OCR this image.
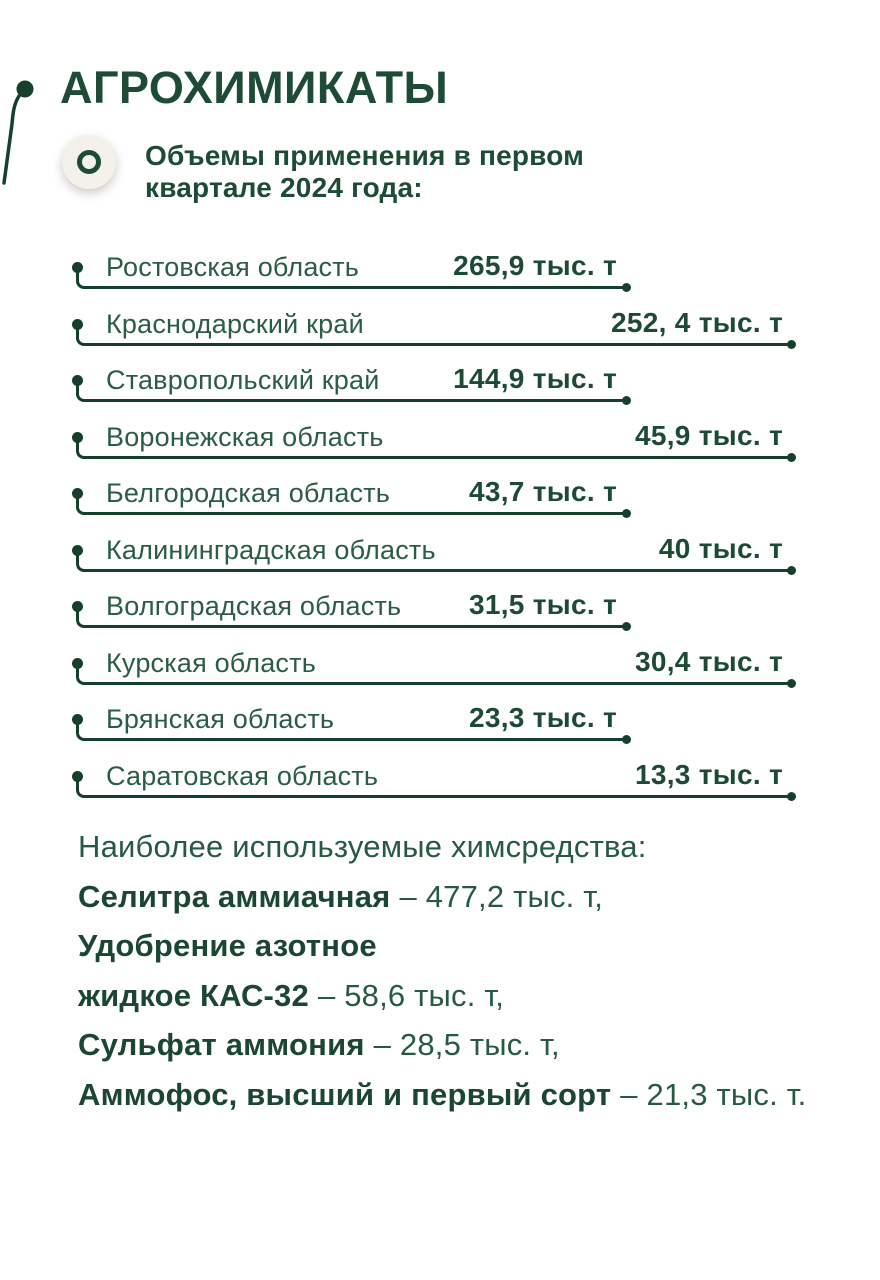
АГРОХИМИКАТЫ
Объемы применения в первом
квартале 2024 года:
Ростовская область	265,9 тыс. т
Краснодарский край	252, 4 тыс. т
Ставропольский край	144,9 тыс. т
Воронежская область	45,9 тыс. т
Белгородская область	43,7 тыс. т
Калининградская область	40 тыс. т
Волгоградская область 31,5 тыс. т
Курская область	30,4 тыс. т
Брянская область	23,3 тыс. т
Саратовская область	13,3 тыс. т
Наиболее используемые химсредства:
Селитра аммиачная – 477,2 тыс. т,
Удобрение азотное
жидкое КАС-32 – 58,6 тыс. т,
Сульфат аммония – 28,5 тыс. т,
Аммофос, высший и первый сорт – 21,3 тыс. т.
